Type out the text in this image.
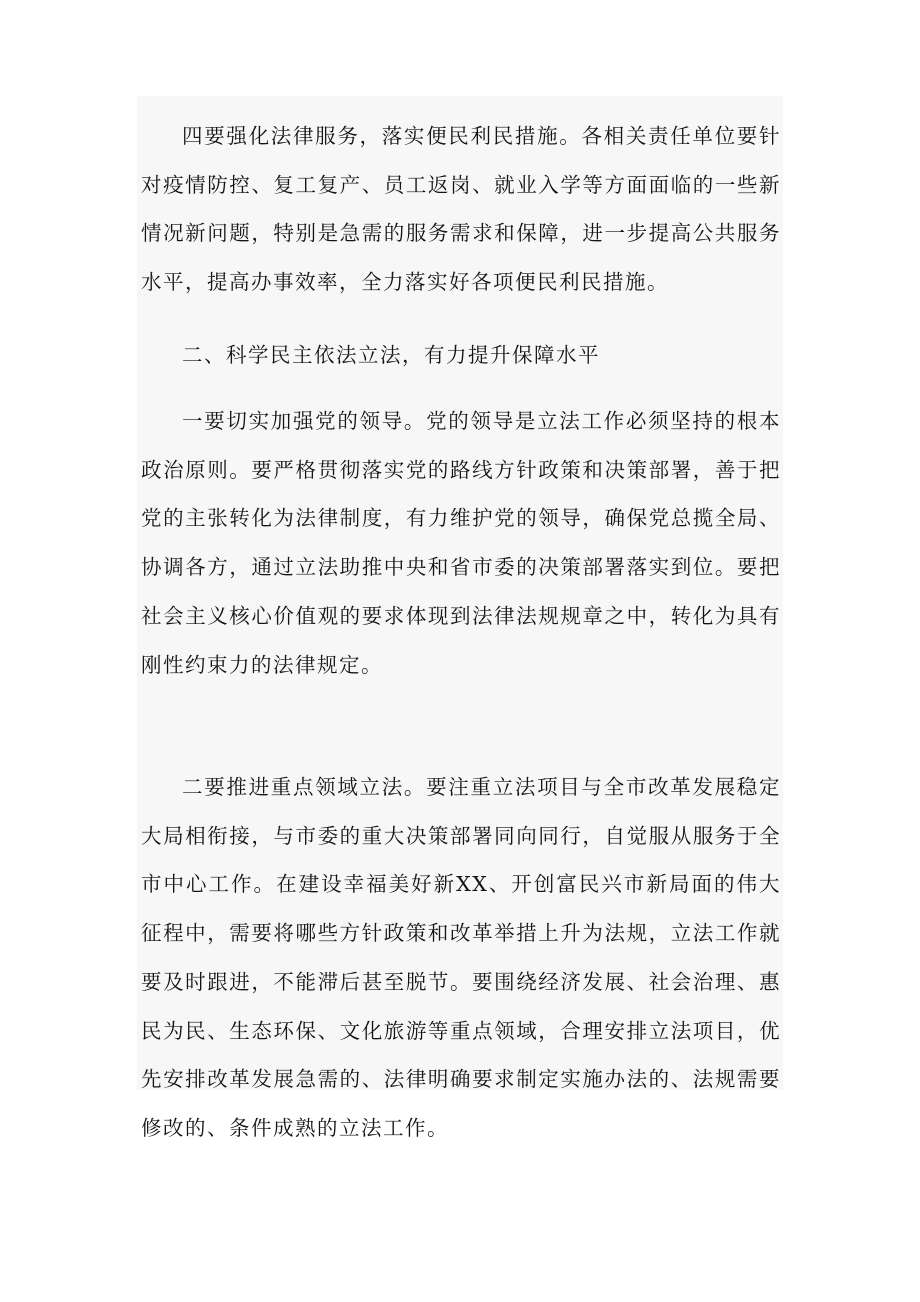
四要强化法律服务，落实便民利民措施。各相关责任单位要针对疫情防控、复工复产、员工返岗、就业入学等方面面临的一些新情况新问题，特别是急需的服务需求和保障，进一步提高公共服务水平，提高办事效率，全力落实好各项便民利民措施。

二、科学民主依法立法，有力提升保障水平

一要切实加强党的领导。党的领导是立法工作必须坚持的根本政治原则。要严格贯彻落实党的路线方针政策和决策部署，善于把党的主张转化为法律制度，有力维护党的领导，确保党总揽全局、协调各方，通过立法助推中央和省市委的决策部署落实到位。要把社会主义核心价值观的要求体现到法律法规规章之中，转化为具有刚性约束力的法律规定。

二要推进重点领域立法。要注重立法项目与全市改革发展稳定大局相衔接，与市委的重大决策部署同向同行，自觉服从服务于全市中心工作。在建设幸福美好新XX、开创富民兴市新局面的伟大征程中，需要将哪些方针政策和改革举措上升为法规，立法工作就要及时跟进，不能滞后甚至脱节。要围绕经济发展、社会治理、惠民为民、生态环保、文化旅游等重点领域，合理安排立法项目，优先安排改革发展急需的、法律明确要求制定实施办法的、法规需要修改的、条件成熟的立法工作。
